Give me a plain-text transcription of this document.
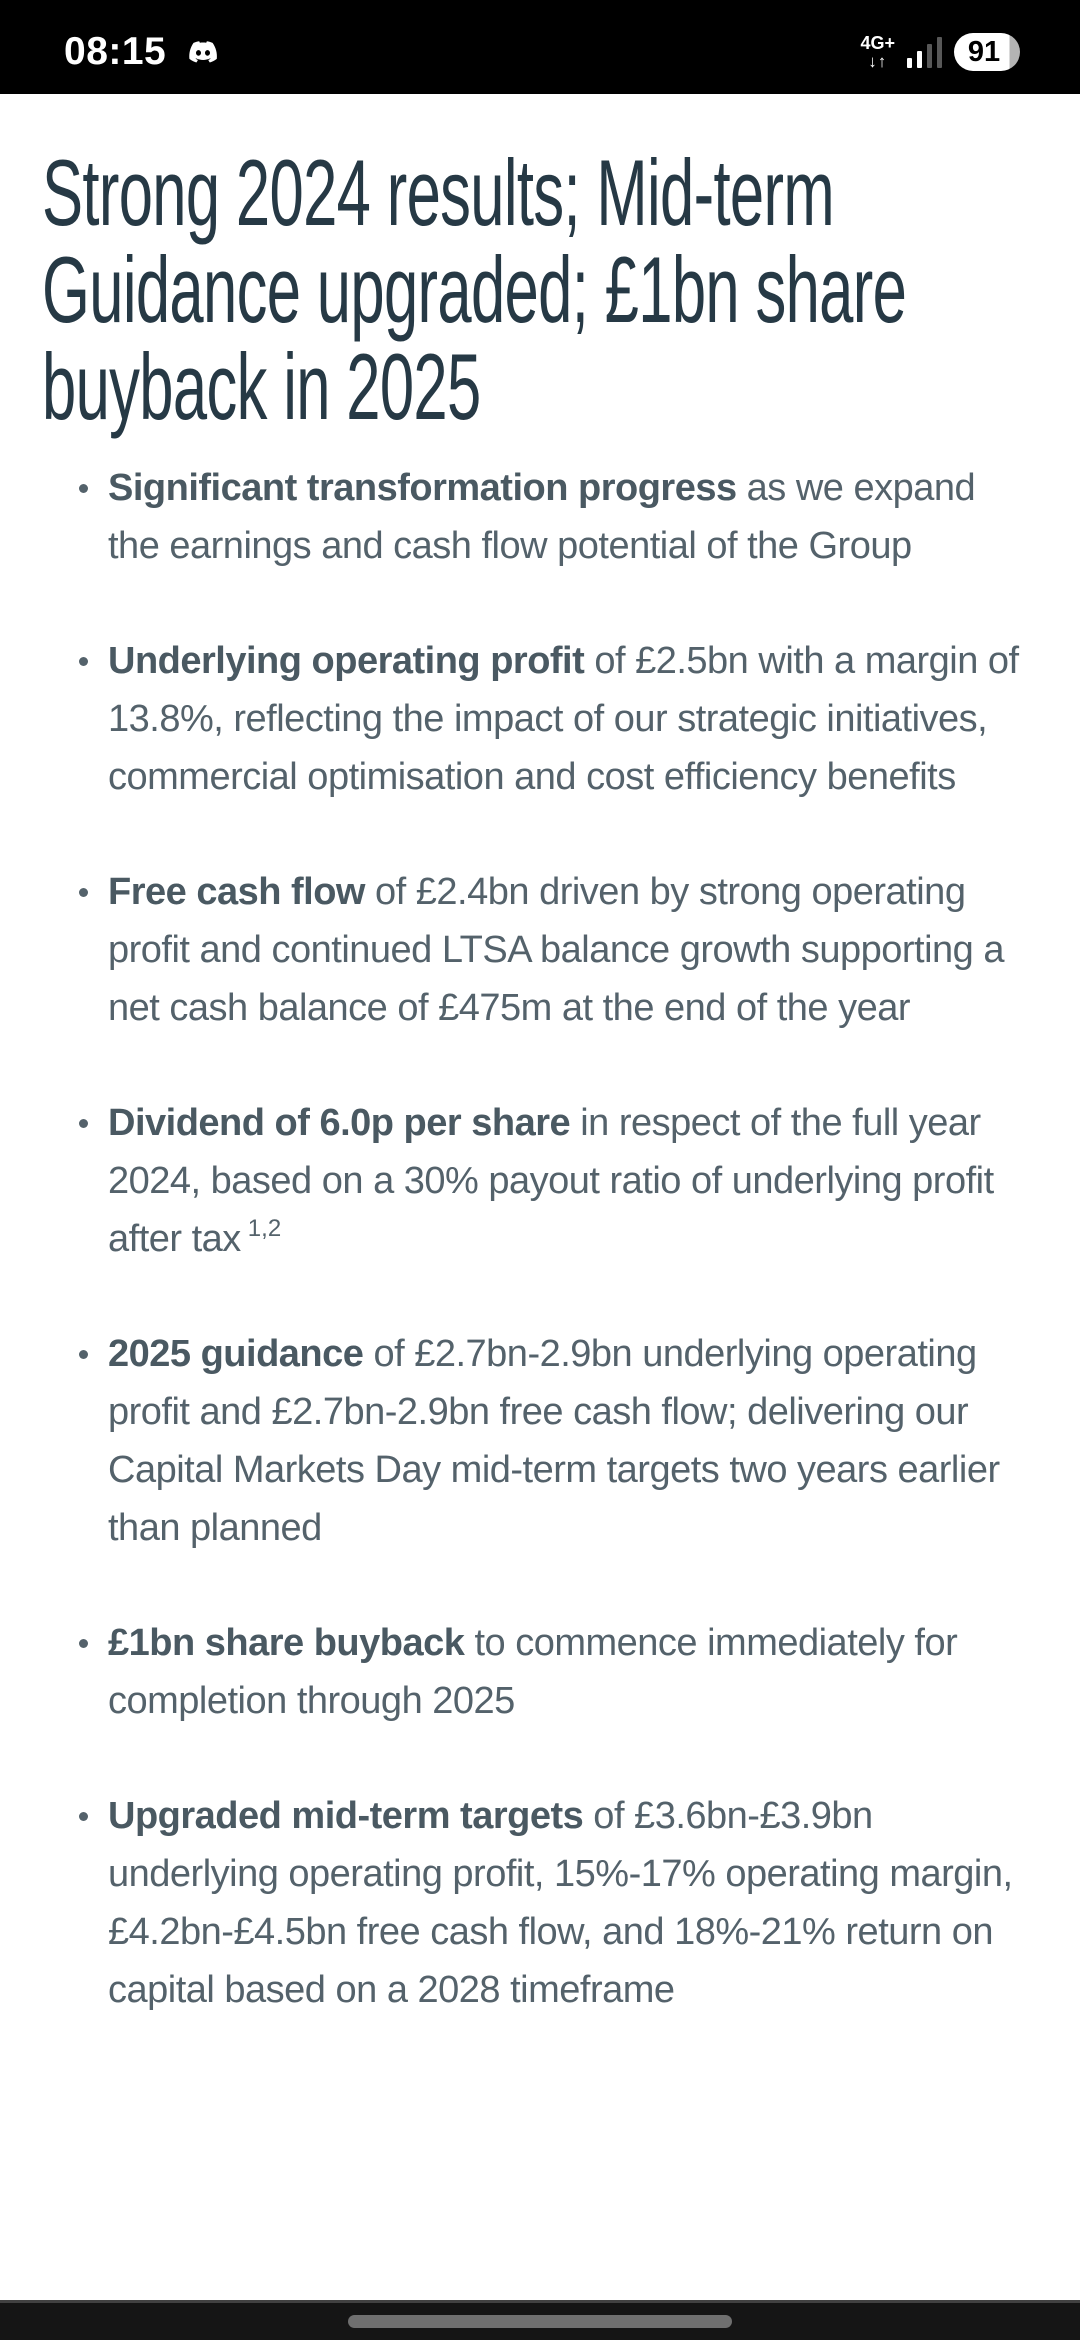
08:15	4G+
↓↑	91
Strong 2024 results; Mid-term
Guidance upgraded; £1bn share
buyback in 2025
Significant transformation progress as we expand the earnings and cash flow potential of the Group
Underlying operating profit of £2.5bn with a margin of 13.8%, reflecting the impact of our strategic initiatives, commercial optimisation and cost efficiency benefits
Free cash flow of £2.4bn driven by strong operating profit and continued LTSA balance growth supporting a net cash balance of £475m at the end of the year
Dividend of 6.0p per share in respect of the full year 2024, based on a 30% payout ratio of underlying profit after tax $^{1,2}$
2025 guidance of £2.7bn-2.9bn underlying operating profit and £2.7bn-2.9bn free cash flow; delivering our Capital Markets Day mid-term targets two years earlier than planned
£1bn share buyback to commence immediately for completion through 2025
Upgraded mid-term targets of £3.6bn-£3.9bn underlying operating profit, 15%-17% operating margin, £4.2bn-£4.5bn free cash flow, and 18%-21% return on capital based on a 2028 timeframe
